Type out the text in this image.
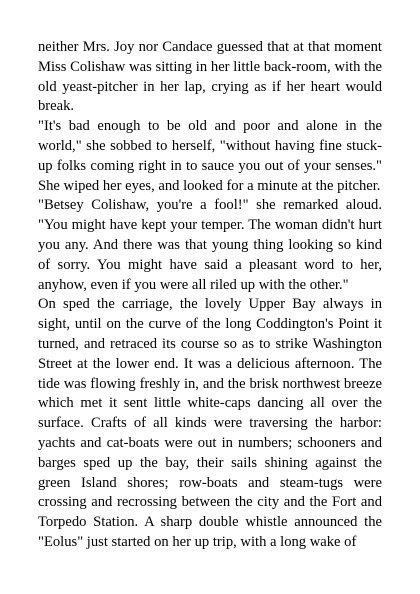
neither Mrs. Joy nor Candace guessed that at that moment Miss Colishaw was sitting in her little back-room, with the old yeast-pitcher in her lap, crying as if her heart would break.

"It's bad enough to be old and poor and alone in the world," she sobbed to herself, "without having fine stuck-up folks coming right in to sauce you out of your senses." She wiped her eyes, and looked for a minute at the pitcher.

"Betsey Colishaw, you're a fool!" she remarked aloud. "You might have kept your temper. The woman didn't hurt you any. And there was that young thing looking so kind of sorry. You might have said a pleasant word to her, anyhow, even if you were all riled up with the other."

On sped the carriage, the lovely Upper Bay always in sight, until on the curve of the long Coddington's Point it turned, and retraced its course so as to strike Washington Street at the lower end. It was a delicious afternoon. The tide was flowing freshly in, and the brisk northwest breeze which met it sent little white-caps dancing all over the surface. Crafts of all kinds were traversing the harbor: yachts and cat-boats were out in numbers; schooners and barges sped up the bay, their sails shining against the green Island shores; row-boats and steam-tugs were crossing and recrossing between the city and the Fort and Torpedo Station. A sharp double whistle announced the "Eolus" just started on her up trip, with a long wake of
